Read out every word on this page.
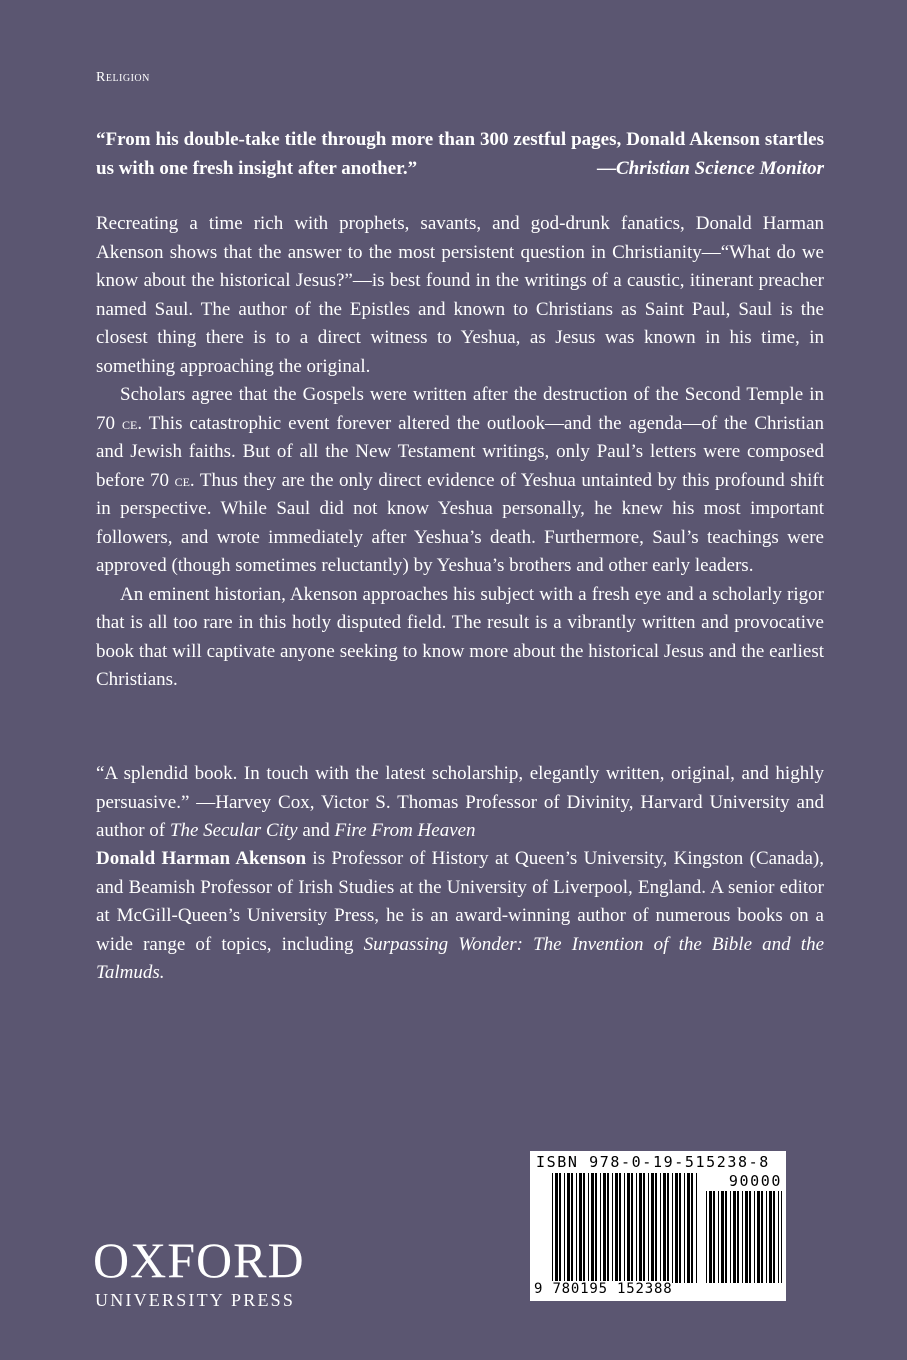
Religion
“From his double-take title through more than 300 zestful pages, Donald Akenson startles us with one fresh insight after another.”	—Christian Science Monitor

Recreating a time rich with prophets, savants, and god-drunk fanatics, Donald Harman Akenson shows that the answer to the most persistent question in Christianity—“What do we know about the historical Jesus?”—is best found in the writings of a caustic, itinerant preacher named Saul. The author of the Epistles and known to Christians as Saint Paul, Saul is the closest thing there is to a direct witness to Yeshua, as Jesus was known in his time, in something approaching the original.

Scholars agree that the Gospels were written after the destruction of the Second Temple in 70 ce. This catastrophic event forever altered the outlook—and the agenda—of the Christian and Jewish faiths. But of all the New Testament writings, only Paul’s letters were composed before 70 ce. Thus they are the only direct evidence of Yeshua untainted by this profound shift in perspective. While Saul did not know Yeshua personally, he knew his most important followers, and wrote immediately after Yeshua’s death. Furthermore, Saul’s teachings were approved (though sometimes reluctantly) by Yeshua’s brothers and other early leaders.

An eminent historian, Akenson approaches his subject with a fresh eye and a scholarly rigor that is all too rare in this hotly disputed field. The result is a vibrantly written and provocative book that will captivate anyone seeking to know more about the historical Jesus and the earliest Christians.

“A splendid book. In touch with the latest scholarship, elegantly written, original, and highly persuasive.” —Harvey Cox, Victor S. Thomas Professor of Divinity, Harvard University and author of The Secular City and Fire From Heaven
Donald Harman Akenson is Professor of History at Queen’s University, Kingston (Canada), and Beamish Professor of Irish Studies at the University of Liverpool, England. A senior editor at McGill-Queen’s University Press, he is an award-winning author of numerous books on a wide range of topics, including Surpassing Wonder: The Invention of the Bible and the Talmuds.
OXFORD
UNIVERSITY PRESS
ISBN 978-0-19-515238-8
90000
9 780195 152388
